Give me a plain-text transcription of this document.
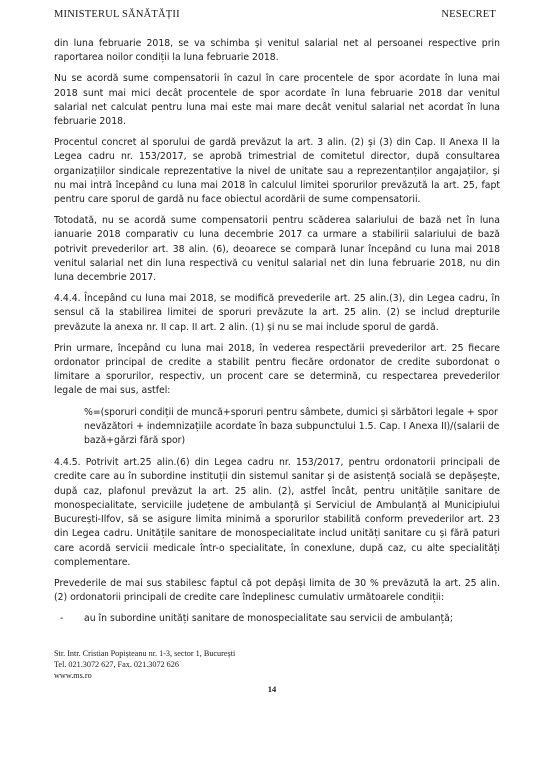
MINISTERUL SĂNĂTĂȚII	NESECRET

din luna februarie 2018, se va schimba și venitul salarial net al persoanei respective prin raportarea noilor condiții la luna februarie 2018.

Nu se acordă sume compensatorii în cazul în care procentele de spor acordate în luna mai 2018 sunt mai mici decât procentele de spor acordate în luna februarie 2018 dar venitul salarial net calculat pentru luna mai este mai mare decât venitul salarial net acordat în luna februarie 2018.

Procentul concret al sporului de gardă prevăzut la art. 3 alin. (2) și (3) din Cap. II Anexa II la Legea cadru nr. 153/2017, se aprobă trimestrial de comitetul director, după consultarea organizațiilor sindicale reprezentative la nivel de unitate sau a reprezentanților angajaților, și nu mai intră începând cu luna mai 2018 în calculul limitei sporurilor prevăzută la art. 25, fapt pentru care sporul de gardă nu face obiectul acordării de sume compensatorii.

Totodată, nu se acordă sume compensatorii pentru scăderea salariului de bază net în luna ianuarie 2018 comparativ cu luna decembrie 2017 ca urmare a stabilirii salariului de bază potrivit prevederilor art. 38 alin. (6), deoarece se compară lunar începând cu luna mai 2018 venitul salarial net din luna respectivă cu venitul salarial net din luna februarie 2018, nu din luna decembrie 2017.

4.4.4. Începând cu luna mai 2018, se modifică prevederile art. 25 alin.(3), din Legea cadru, în sensul că la stabilirea limitei de sporuri prevăzute la art. 25 alin. (2) se includ drepturile prevăzute la anexa nr. II cap. II art. 2 alin. (1) și nu se mai include sporul de gardă.

Prin urmare, începând cu luna mai 2018, în vederea respectării prevederilor art. 25 fiecare ordonator principal de credite a stabilit pentru fiecăre ordonator de credite subordonat o limitare a sporurilor, respectiv, un procent care se determină, cu respectarea prevederilor legale de mai sus, astfel:

%=(sporuri condiții de muncă+sporuri pentru sâmbete, dumici și sărbători legale + spor nevăzători + indemnizațiile acordate în baza subpunctului 1.5. Cap. I Anexa II)/(salarii de bază+gărzi fără spor)

4.4.5. Potrivit art.25 alin.(6) din Legea cadru nr. 153/2017, pentru ordonatorii principali de credite care au în subordine instituții din sistemul sanitar și de asistență socială se depășește, după caz, plafonul prevăzut la art. 25 alin. (2), astfel încât, pentru unitățile sanitare de monospecialitate, serviciile județene de ambulanță și Serviciul de Ambulanță al Municipiului București-Ilfov, să se asigure limita minimă a sporurilor stabilită conform prevederilor art. 23 din Legea cadru. Unitățile sanitare de monospecialitate includ unități sanitare cu și fără paturi care acordă servicii medicale într-o specialitate, în conexlune, după caz, cu alte specialități complementare.

Prevederile de mai sus stabilesc faptul că pot depăși limita de 30 % prevăzută la art. 25 alin. (2) ordonatorii principali de credite care îndeplinesc cumulativ următoarele condiții:

- au în subordine unități sanitare de monospecialitate sau servicii de ambulanță;
Str. Intr. Cristian Popișteanu nr. 1-3, sector 1, București
Tel. 021.3072 627, Fax. 021.3072 626
www.ms.ro
14
